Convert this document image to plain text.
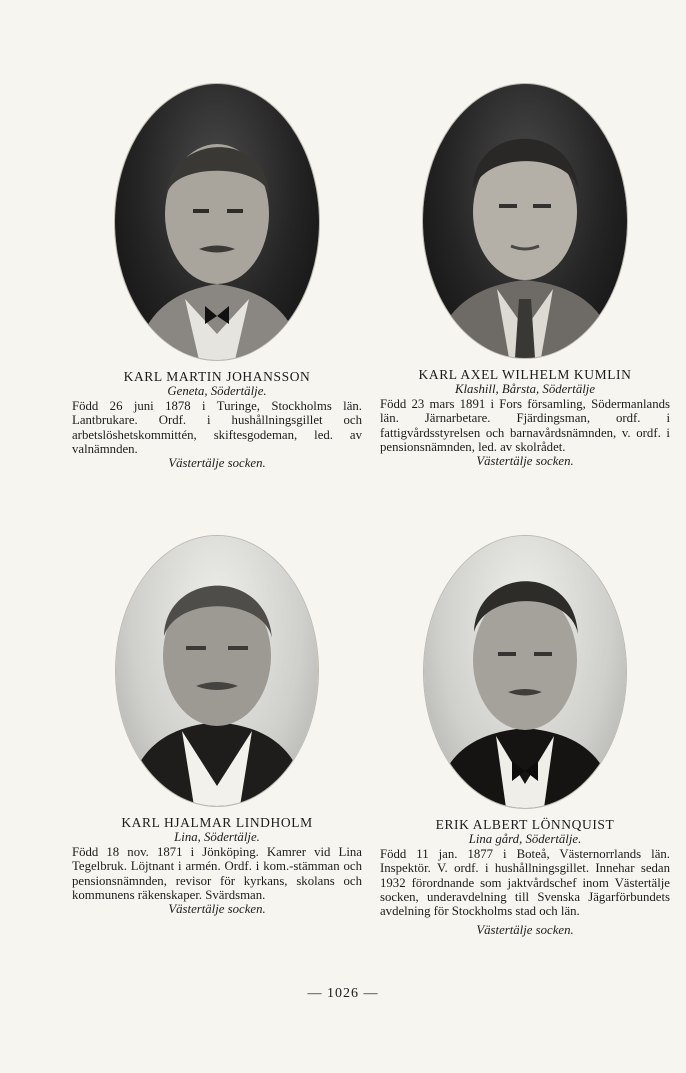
KARL MARTIN JOHANSSON
Geneta, Södertälje.
Född 26 juni 1878 i Turinge, Stockholms län. Lantbrukare. Ordf. i hushållningsgillet och arbetslöshetskommittén, skiftesgodeman, led. av valnämnden.
Västertälje socken.
KARL AXEL WILHELM KUMLIN
Klashill, Bårsta, Södertälje
Född 23 mars 1891 i Fors församling, Södermanlands län. Järnarbetare. Fjärdingsman, ordf. i fattigvårdsstyrelsen och barnavårdsnämnden, v. ordf. i pensionsnämnden, led. av skolrådet.
Västertälje socken.
KARL HJALMAR LINDHOLM
Lina, Södertälje.
Född 18 nov. 1871 i Jönköping. Kamrer vid Lina Tegelbruk. Löjtnant i armén. Ordf. i kom.-stämman och pensionsnämnden, revisor för kyrkans, skolans och kommunens räkenskaper. Svärdsman.
Västertälje socken.
ERIK ALBERT LÖNNQUIST
Lina gård, Södertälje.
Född 11 jan. 1877 i Boteå, Västernorrlands län. Inspektör. V. ordf. i hushållningsgillet. Innehar sedan 1932 förordnande som jaktvårdschef inom Västertälje socken, underavdelning till Svenska Jägarförbundets avdelning för Stockholms stad och län.
Västertälje socken.
— 1026 —
